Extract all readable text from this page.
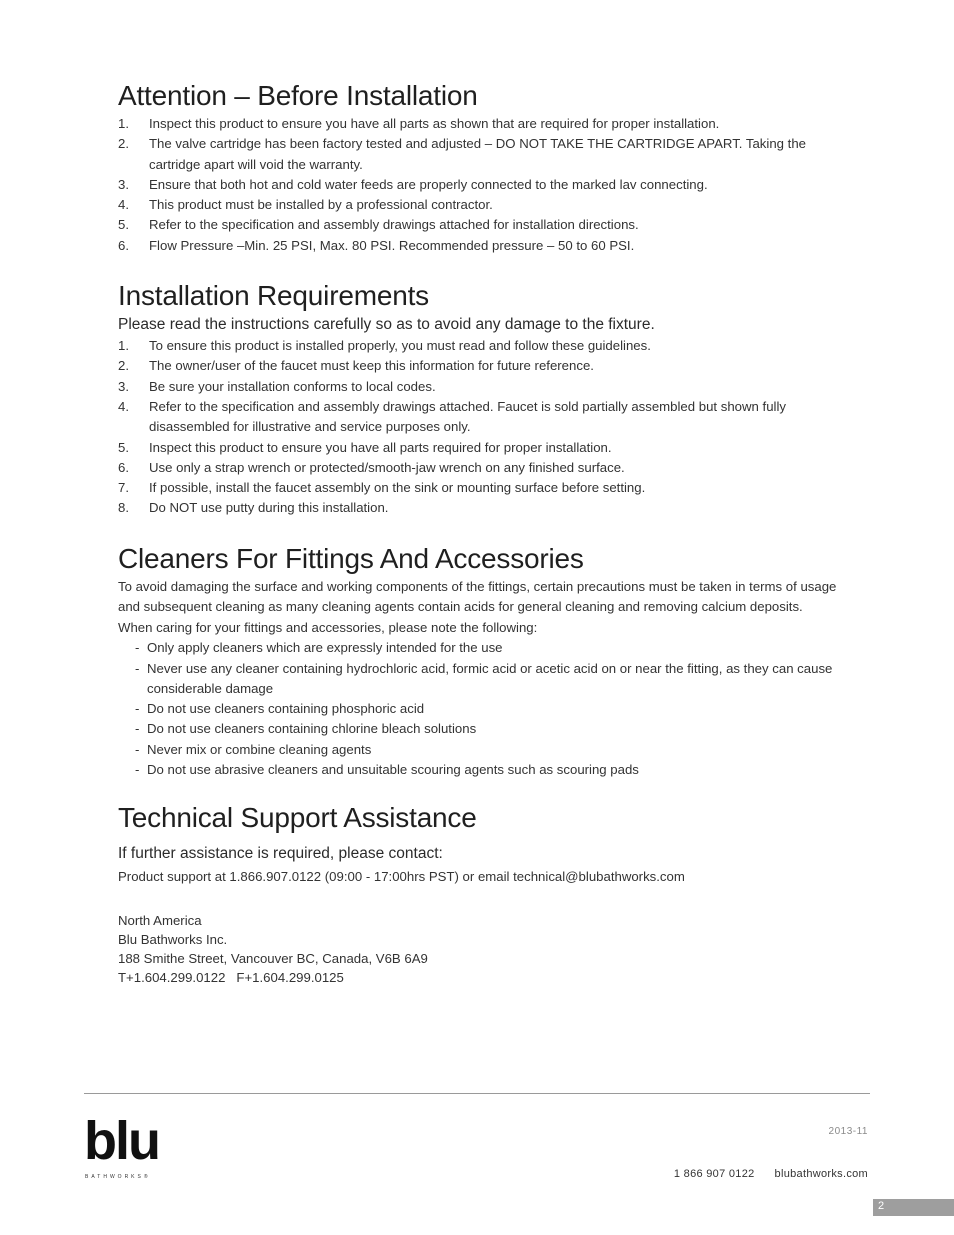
Attention – Before Installation
1. Inspect this product to ensure you have all parts as shown that are required for proper installation.
2. The valve cartridge has been factory tested and adjusted – DO NOT TAKE THE CARTRIDGE APART. Taking the cartridge apart will void the warranty.
3. Ensure that both hot and cold water feeds are properly connected to the marked lav connecting.
4. This product must be installed by a professional contractor.
5. Refer to the specification and assembly drawings attached for installation directions.
6. Flow Pressure –Min. 25 PSI, Max. 80 PSI. Recommended pressure – 50 to 60 PSI.
Installation Requirements

Please read the instructions carefully so as to avoid any damage to the fixture.

1. To ensure this product is installed properly, you must read and follow these guidelines.
2. The owner/user of the faucet must keep this information for future reference.
3. Be sure your installation conforms to local codes.
4. Refer to the specification and assembly drawings attached. Faucet is sold partially assembled but shown fully disassembled for illustrative and service purposes only.
5. Inspect this product to ensure you have all parts required for proper installation.
6. Use only a strap wrench or protected/smooth-jaw wrench on any finished surface.
7. If possible, install the faucet assembly on the sink or mounting surface before setting.
8. Do NOT use putty during this installation.
Cleaners For Fittings And Accessories

To avoid damaging the surface and working components of the fittings, certain precautions must be taken in terms of usage and subsequent cleaning as many cleaning agents contain acids for general cleaning and removing calcium deposits. When caring for your fittings and accessories, please note the following:

- Only apply cleaners which are expressly intended for the use
- Never use any cleaner containing hydrochloric acid, formic acid or acetic acid on or near the fitting, as they can cause considerable damage
- Do not use cleaners containing phosphoric acid
- Do not use cleaners containing chlorine bleach solutions
- Never mix or combine cleaning agents
- Do not use abrasive cleaners and unsuitable scouring agents such as scouring pads
Technical Support Assistance

If further assistance is required, please contact:

Product support at 1.866.907.0122 (09:00 - 17:00hrs PST) or email technical@blubathworks.com

North America
Blu Bathworks Inc.
188 Smithe Street, Vancouver BC, Canada, V6B 6A9
T+1.604.299.0122   F+1.604.299.0125
blu
BATHWORKS®
2013-11
1 866 907 0122 blubathworks.com
2
